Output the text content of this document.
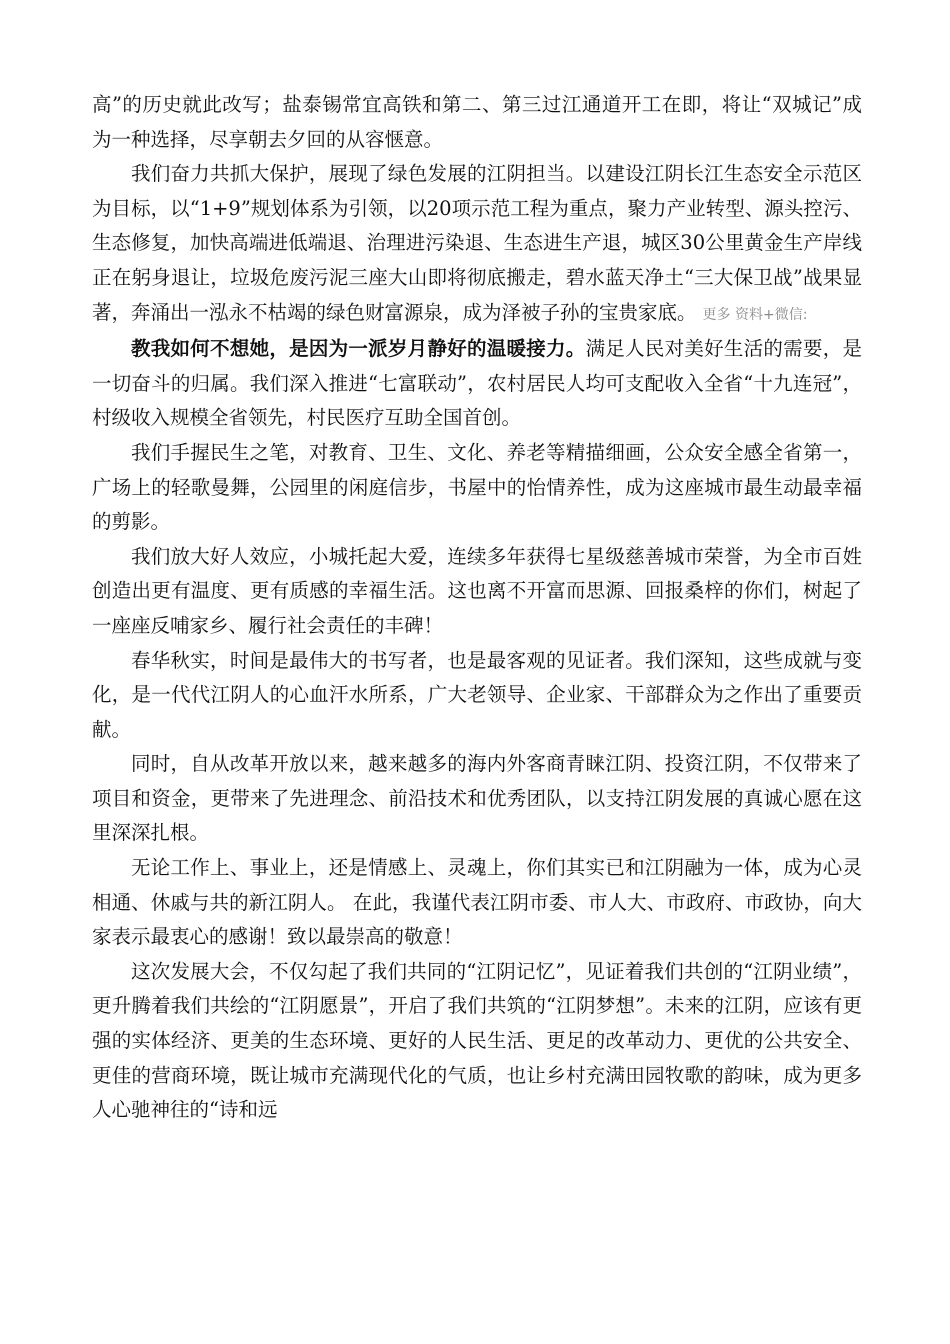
高”的历史就此改写；盐泰锡常宜高铁和第二、第三过江通道开工在即，将让“双城记”成为一种选择，尽享朝去夕回的从容惬意。

我们奋力共抓大保护，展现了绿色发展的江阴担当。以建设江阴长江生态安全示范区为目标，以“1+9”规划体系为引领，以20项示范工程为重点，聚力产业转型、源头控污、生态修复，加快高端进低端退、治理进污染退、生态进生产退，城区30公里黄金生产岸线正在躬身退让，垃圾危废污泥三座大山即将彻底搬走，碧水蓝天净土“三大保卫战”战果显著，奔涌出一泓永不枯竭的绿色财富源泉，成为泽被子孙的宝贵家底。 更多 资料+微信:

教我如何不想她，是因为一派岁月静好的温暖接力。满足人民对美好生活的需要，是一切奋斗的归属。我们深入推进“七富联动”，农村居民人均可支配收入全省“十九连冠”，村级收入规模全省领先，村民医疗互助全国首创。

我们手握民生之笔，对教育、卫生、文化、养老等精描细画，公众安全感全省第一，广场上的轻歌曼舞，公园里的闲庭信步，书屋中的怡情养性，成为这座城市最生动最幸福的剪影。

我们放大好人效应，小城托起大爱，连续多年获得七星级慈善城市荣誉，为全市百姓创造出更有温度、更有质感的幸福生活。这也离不开富而思源、回报桑梓的你们，树起了一座座反哺家乡、履行社会责任的丰碑！

春华秋实，时间是最伟大的书写者，也是最客观的见证者。我们深知，这些成就与变化，是一代代江阴人的心血汗水所系，广大老领导、企业家、干部群众为之作出了重要贡献。

同时，自从改革开放以来，越来越多的海内外客商青睐江阴、投资江阴，不仅带来了项目和资金，更带来了先进理念、前沿技术和优秀团队，以支持江阴发展的真诚心愿在这里深深扎根。

无论工作上、事业上，还是情感上、灵魂上，你们其实已和江阴融为一体，成为心灵相通、休戚与共的新江阴人。 在此，我谨代表江阴市委、市人大、市政府、市政协，向大家表示最衷心的感谢！致以最崇高的敬意！

这次发展大会，不仅勾起了我们共同的“江阴记忆”，见证着我们共创的“江阴业绩”，更升腾着我们共绘的“江阴愿景”，开启了我们共筑的“江阴梦想”。未来的江阴，应该有更强的实体经济、更美的生态环境、更好的人民生活、更足的改革动力、更优的公共安全、更佳的营商环境，既让城市充满现代化的气质，也让乡村充满田园牧歌的韵味，成为更多人心驰神往的“诗和远
